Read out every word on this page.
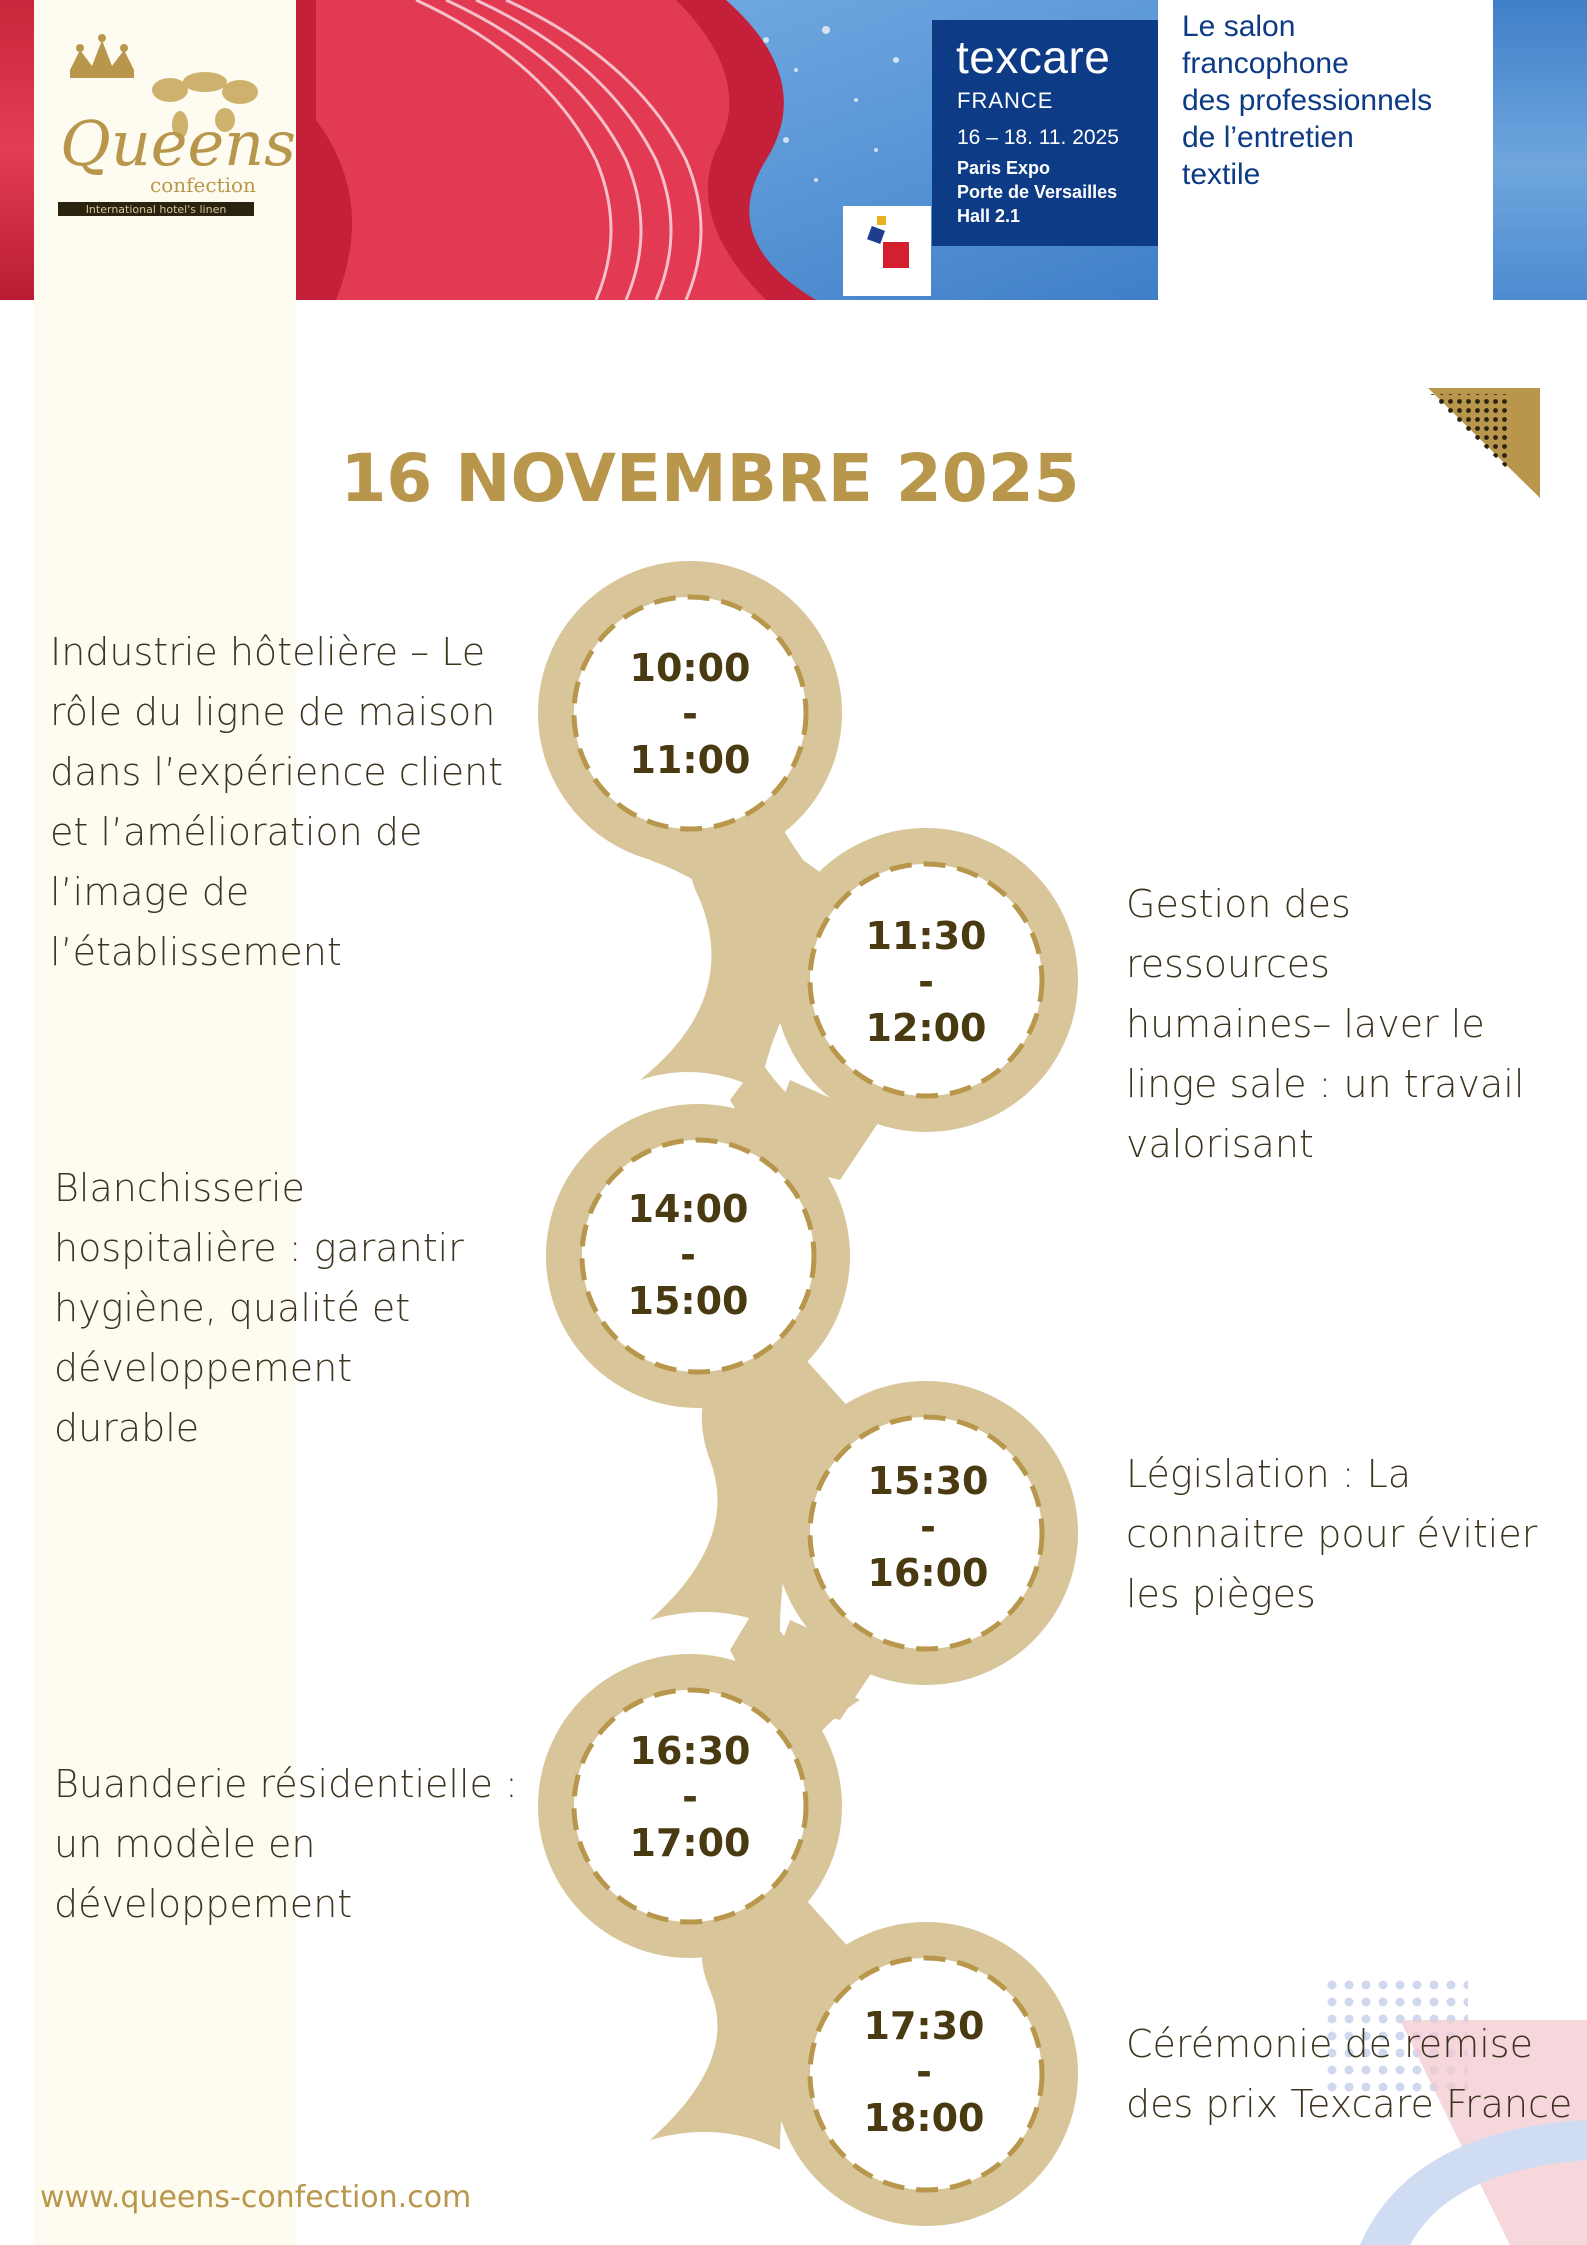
Queens
confection
International hotel's linen
texcare
FRANCE
16 – 18. 11. 2025
Paris Expo
Porte de Versailles
Hall 2.1
Le salon
francophone
des professionnels
de l’entretien
textile
16 NOVEMBRE 2025
10:00
-
11:00
11:30
-
12:00
14:00
-
15:00
15:30
-
16:00
16:30
-
17:00
17:30
-
18:00
Industrie hôtelière – Le rôle du ligne de maison dans l’expérience client et l’amélioration de l’image de l’établissement
Gestion des ressources humaines– laver le linge sale : un travail valorisant
Blanchisserie hospitalière : garantir hygiène, qualité et développement durable
Législation : La connaitre pour évitier les pièges
Buanderie résidentielle : un modèle en développement
Cérémonie de remise des prix Texcare France
www.queens-confection.com
